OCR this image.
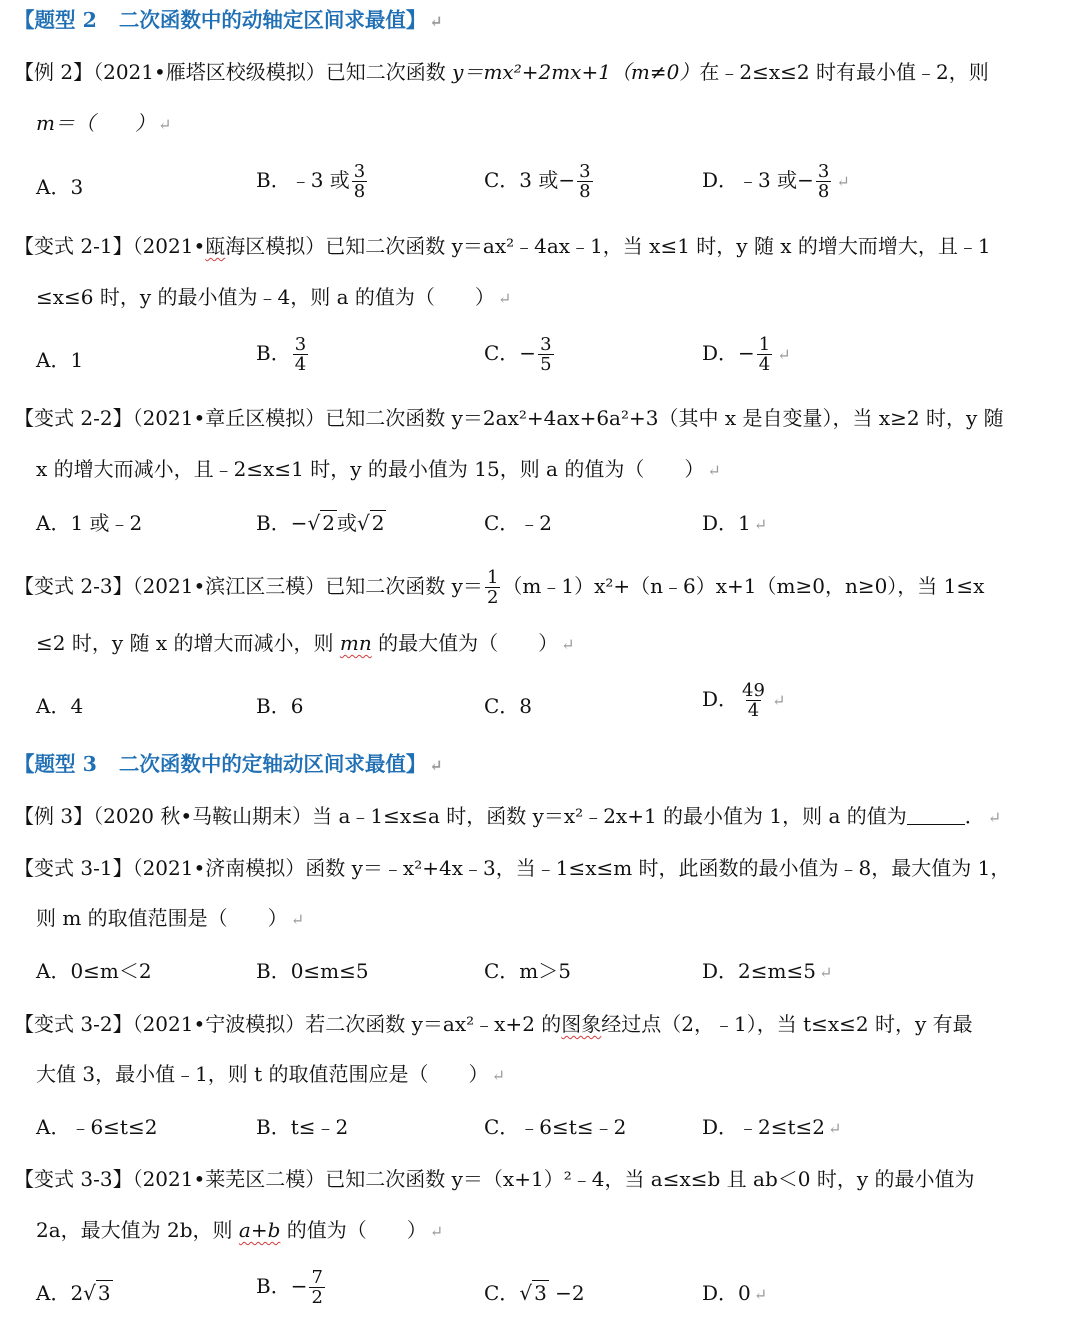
【题型 2 二次函数中的动轴定区间求最值】 ↵
【例 2】（2021•雁塔区校级模拟）已知二次函数 y＝mx²+2mx+1（m≠0）在﹣2≤x≤2 时有最小值﹣2，则
m＝（　　） ↵
A．3	B．﹣3 或 $\frac{3}{8}$	C．3 或− $\frac{3}{8}$	D．﹣3 或− $\frac{3}{8}$ ↵
【变式 2-1】（2021•瓯海区模拟）已知二次函数 y＝ax²﹣4ax﹣1，当 x≤1 时，y 随 x 的增大而增大，且﹣1
≤x≤6 时，y 的最小值为﹣4，则 a 的值为（　　） ↵
A．1	B． $\frac{3}{4}$	C．− $\frac{3}{5}$	D．− $\frac{1}{4}$ ↵
【变式 2-2】（2021•章丘区模拟）已知二次函数 y＝2ax²+4ax+6a²+3（其中 x 是自变量），当 x≥2 时，y 随
x 的增大而减小，且﹣2≤x≤1 时，y 的最小值为 15，则 a 的值为（　　） ↵
A．1 或﹣2	B．−√ 2 或√ 2	C．﹣2	D．1 ↵
【变式 2-3】（2021•滨江区三模）已知二次函数 $y= \frac{1}{2}$ （m﹣1）x²+（n﹣6）x+1（m≥0，n≥0），当 1≤x
≤2 时，y 随 x 的增大而减小，则 mn 的最大值为（　　） ↵
A．4	B．6	C．8	D． $\frac{49}{4}$ ↵
【题型 3 二次函数中的定轴动区间求最值】 ↵
【例 3】（2020 秋•马鞍山期末）当 a﹣1≤x≤a 时，函数 y＝x²﹣2x+1 的最小值为 1，则 a 的值为	． ↵
【变式 3-1】（2021•济南模拟）函数 y＝﹣x²+4x﹣3，当﹣1≤x≤m 时，此函数的最小值为﹣8，最大值为 1，
则 m 的取值范围是（　　） ↵
A．0≤m＜2	B．0≤m≤5	C．m＞5	D．2≤m≤5 ↵
【变式 3-2】（2021•宁波模拟）若二次函数 y＝ax²﹣x+2 的图象经过点（2，﹣1），当 t≤x≤2 时，y 有最
大值 3，最小值﹣1，则 t 的取值范围应是（　　） ↵
A．﹣6≤t≤2	B．t≤﹣2	C．﹣6≤t≤﹣2	D．﹣2≤t≤2 ↵
【变式 3-3】（2021•莱芜区二模）已知二次函数 y＝（x+1）²﹣4，当 a≤x≤b 且 ab＜0 时，y 的最小值为
2a，最大值为 2b，则 a+b 的值为（　　） ↵
A．2√ 3	B．− $\frac{7}{2}$	C．√ 3 −2	D．0 ↵
